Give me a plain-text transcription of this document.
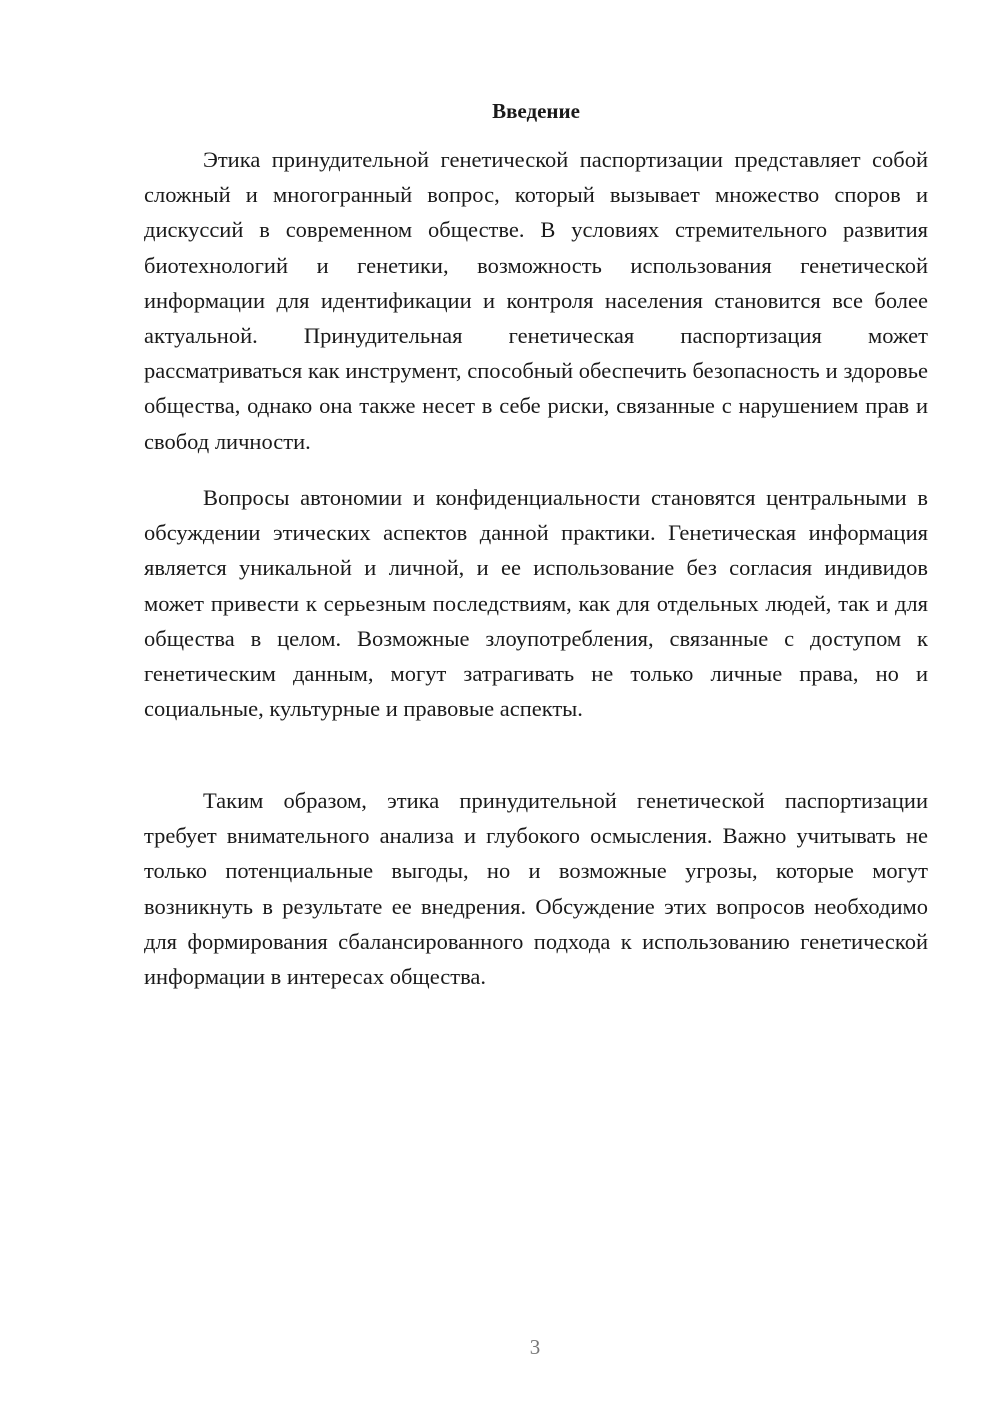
Введение

Этика принудительной генетической паспортизации представляет собой сложный и многогранный вопрос, который вызывает множество споров и дискуссий в современном обществе. В условиях стремительного развития биотехнологий и генетики, возможность использования генетической информации для идентификации и контроля населения становится все более актуальной. Принудительная генетическая паспортизация может рассматриваться как инструмент, способный обеспечить безопасность и здоровье общества, однако она также несет в себе риски, связанные с нарушением прав и свобод личности.

Вопросы автономии и конфиденциальности становятся центральными в обсуждении этических аспектов данной практики. Генетическая информация является уникальной и личной, и ее использование без согласия индивидов может привести к серьезным последствиям, как для отдельных людей, так и для общества в целом. Возможные злоупотребления, связанные с доступом к генетическим данным, могут затрагивать не только личные права, но и социальные, культурные и правовые аспекты.

Таким образом, этика принудительной генетической паспортизации требует внимательного анализа и глубокого осмысления. Важно учитывать не только потенциальные выгоды, но и возможные угрозы, которые могут возникнуть в результате ее внедрения. Обсуждение этих вопросов необходимо для формирования сбалансированного подхода к использованию генетической информации в интересах общества.

3
